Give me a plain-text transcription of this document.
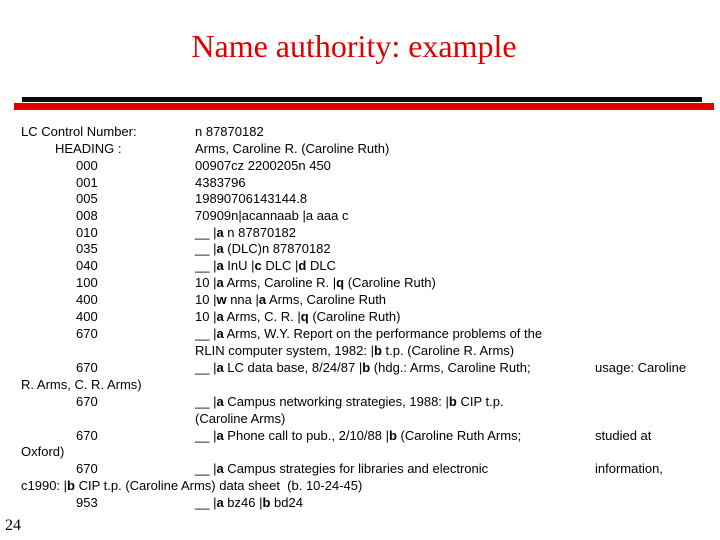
Name authority: example
LC Control Number:
HEADING :
000
001
005
008
010
035
040
100
400
400
670
670
R. Arms, C. R. Arms)
670
670
Oxford)
670
c1990: |b CIP t.p. (Caroline Arms) data sheet  (b. 10-24-45)
953
n 87870182
Arms, Caroline R. (Caroline Ruth)
00907cz 2200205n 450
4383796
19890706143144.8
70909n|acannaab |a aaa c
__ |a n 87870182
__ |a (DLC)n 87870182
__ |a InU |c DLC |d DLC
10 |a Arms, Caroline R. |q (Caroline Ruth)
10 |w nna |a Arms, Caroline Ruth
10 |a Arms, C. R. |q (Caroline Ruth)
__ |a Arms, W.Y. Report on the performance problems of the
RLIN computer system, 1982: |b t.p. (Caroline R. Arms)
__ |a LC data base, 8/24/87 |b (hdg.: Arms, Caroline Ruth;
__ |a Campus networking strategies, 1988: |b CIP t.p.
(Caroline Arms)
__ |a Phone call to pub., 2/10/88 |b (Caroline Ruth Arms;
__ |a Campus strategies for libraries and electronic
__ |a bz46 |b bd24
usage: Caroline
studied at
information,
24
